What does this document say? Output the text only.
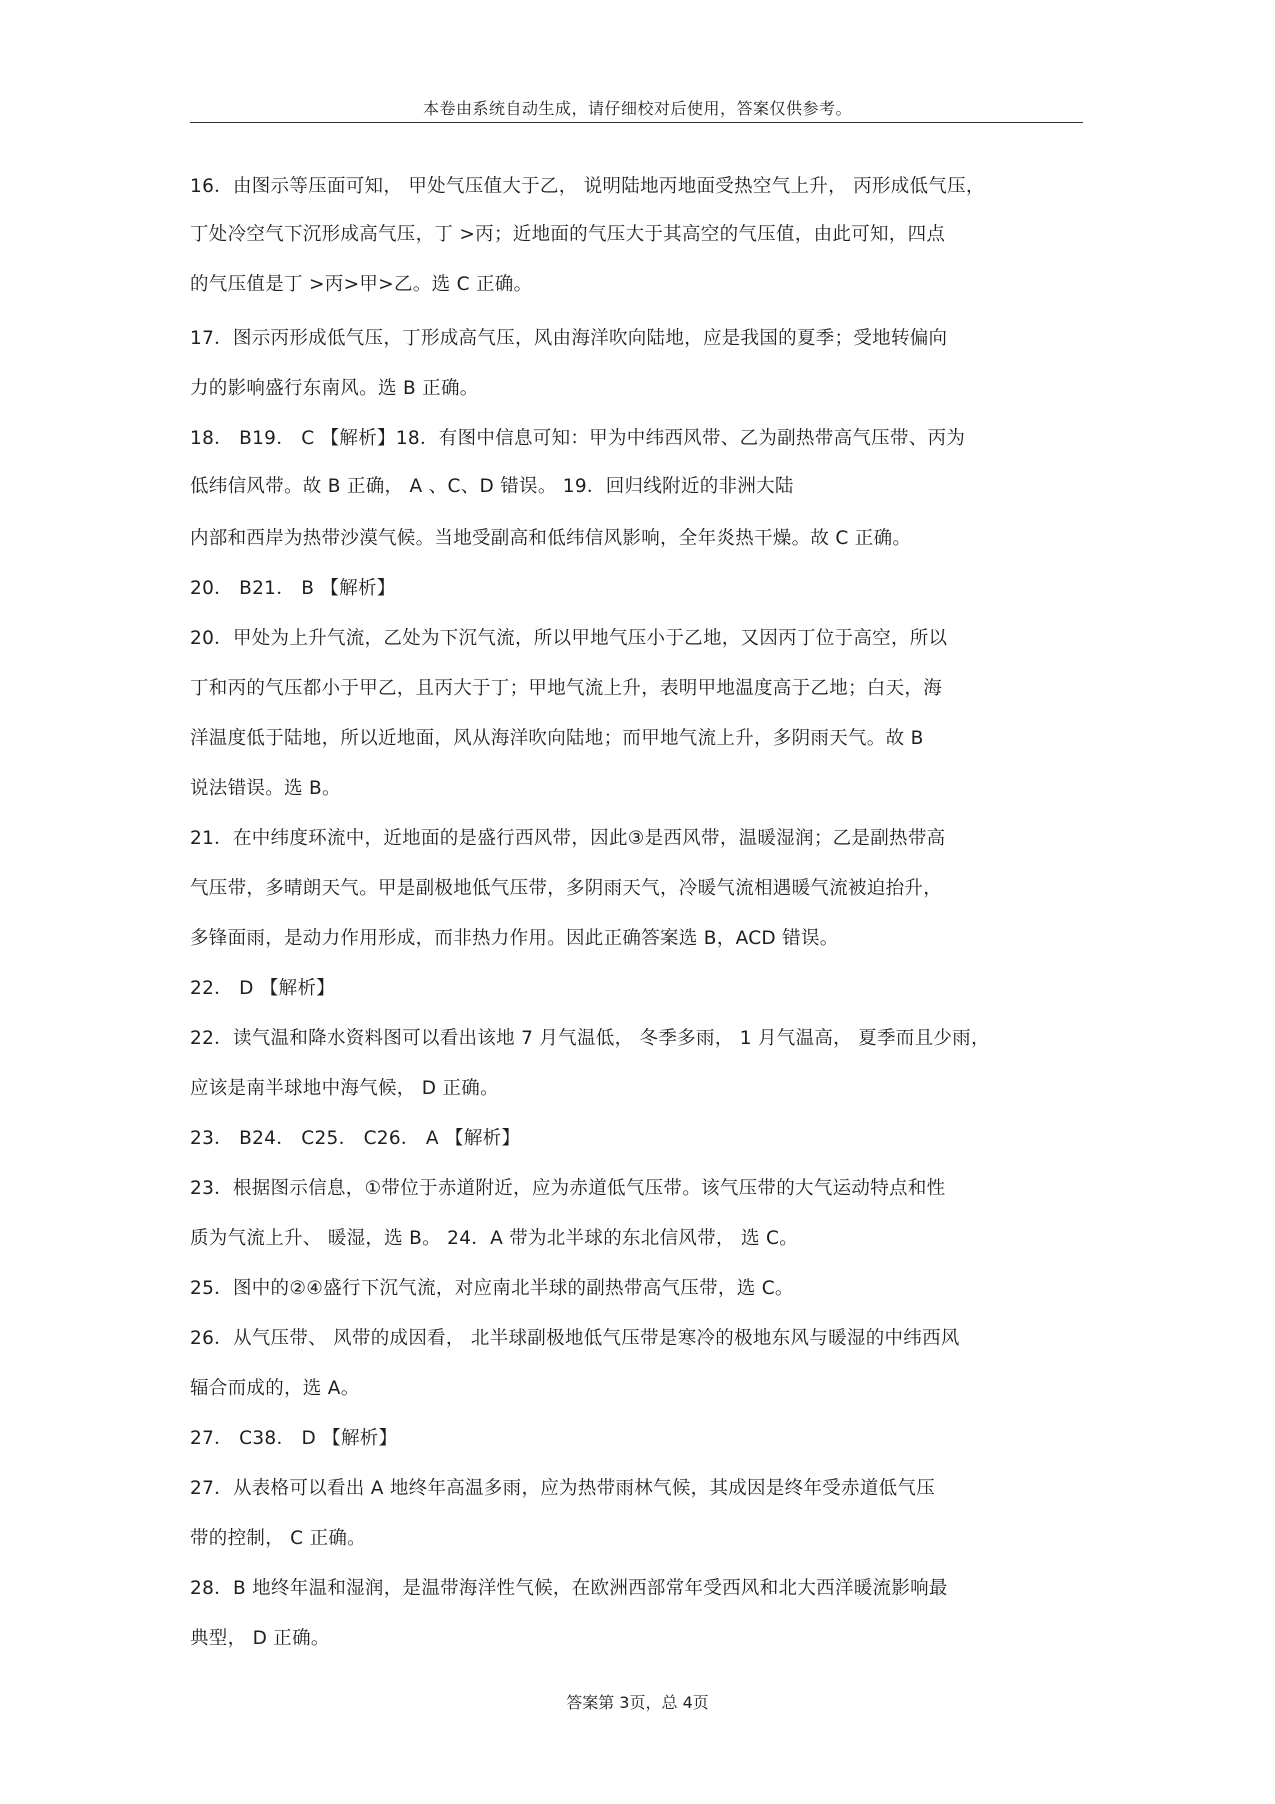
本卷由系统自动生成，请仔细校对后使用，答案仅供参考。
16．由图示等压面可知， 甲处气压值大于乙， 说明陆地丙地面受热空气上升， 丙形成低气压，
丁处冷空气下沉形成高气压，丁 >丙；近地面的气压大于其高空的气压值，由此可知，四点
的气压值是丁 >丙>甲>乙。选 C 正确。
17．图示丙形成低气压，丁形成高气压，风由海洋吹向陆地，应是我国的夏季；受地转偏向
力的影响盛行东南风。选 B 正确。
18． B19． C 【解析】18．有图中信息可知：甲为中纬西风带、乙为副热带高气压带、丙为
低纬信风带。故 B 正确， A 、C、D 错误。 19．回归线附近的非洲大陆
内部和西岸为热带沙漠气候。当地受副高和低纬信风影响，全年炎热干燥。故 C 正确。
20． B21． B 【解析】
20．甲处为上升气流，乙处为下沉气流，所以甲地气压小于乙地，又因丙丁位于高空，所以
丁和丙的气压都小于甲乙，且丙大于丁；甲地气流上升，表明甲地温度高于乙地；白天，海
洋温度低于陆地，所以近地面，风从海洋吹向陆地；而甲地气流上升，多阴雨天气。故 B
说法错误。选 B。
21．在中纬度环流中，近地面的是盛行西风带，因此③是西风带，温暖湿润；乙是副热带高
气压带，多晴朗天气。甲是副极地低气压带，多阴雨天气，冷暖气流相遇暖气流被迫抬升，
多锋面雨，是动力作用形成，而非热力作用。因此正确答案选 B，ACD 错误。
22． D 【解析】
22．读气温和降水资料图可以看出该地 7 月气温低， 冬季多雨， 1 月气温高， 夏季而且少雨，
应该是南半球地中海气候， D 正确。
23． B24． C25． C26． A 【解析】
23．根据图示信息，①带位于赤道附近，应为赤道低气压带。该气压带的大气运动特点和性
质为气流上升、 暖湿，选 B。 24．A 带为北半球的东北信风带， 选 C。
25．图中的②④盛行下沉气流，对应南北半球的副热带高气压带，选 C。
26．从气压带、 风带的成因看， 北半球副极地低气压带是寒冷的极地东风与暖湿的中纬西风
辐合而成的，选 A。
27． C38． D 【解析】
27．从表格可以看出 A 地终年高温多雨，应为热带雨林气候，其成因是终年受赤道低气压
带的控制， C 正确。
28．B 地终年温和湿润，是温带海洋性气候，在欧洲西部常年受西风和北大西洋暖流影响最
典型， D 正确。
答案第 3页，总 4页
